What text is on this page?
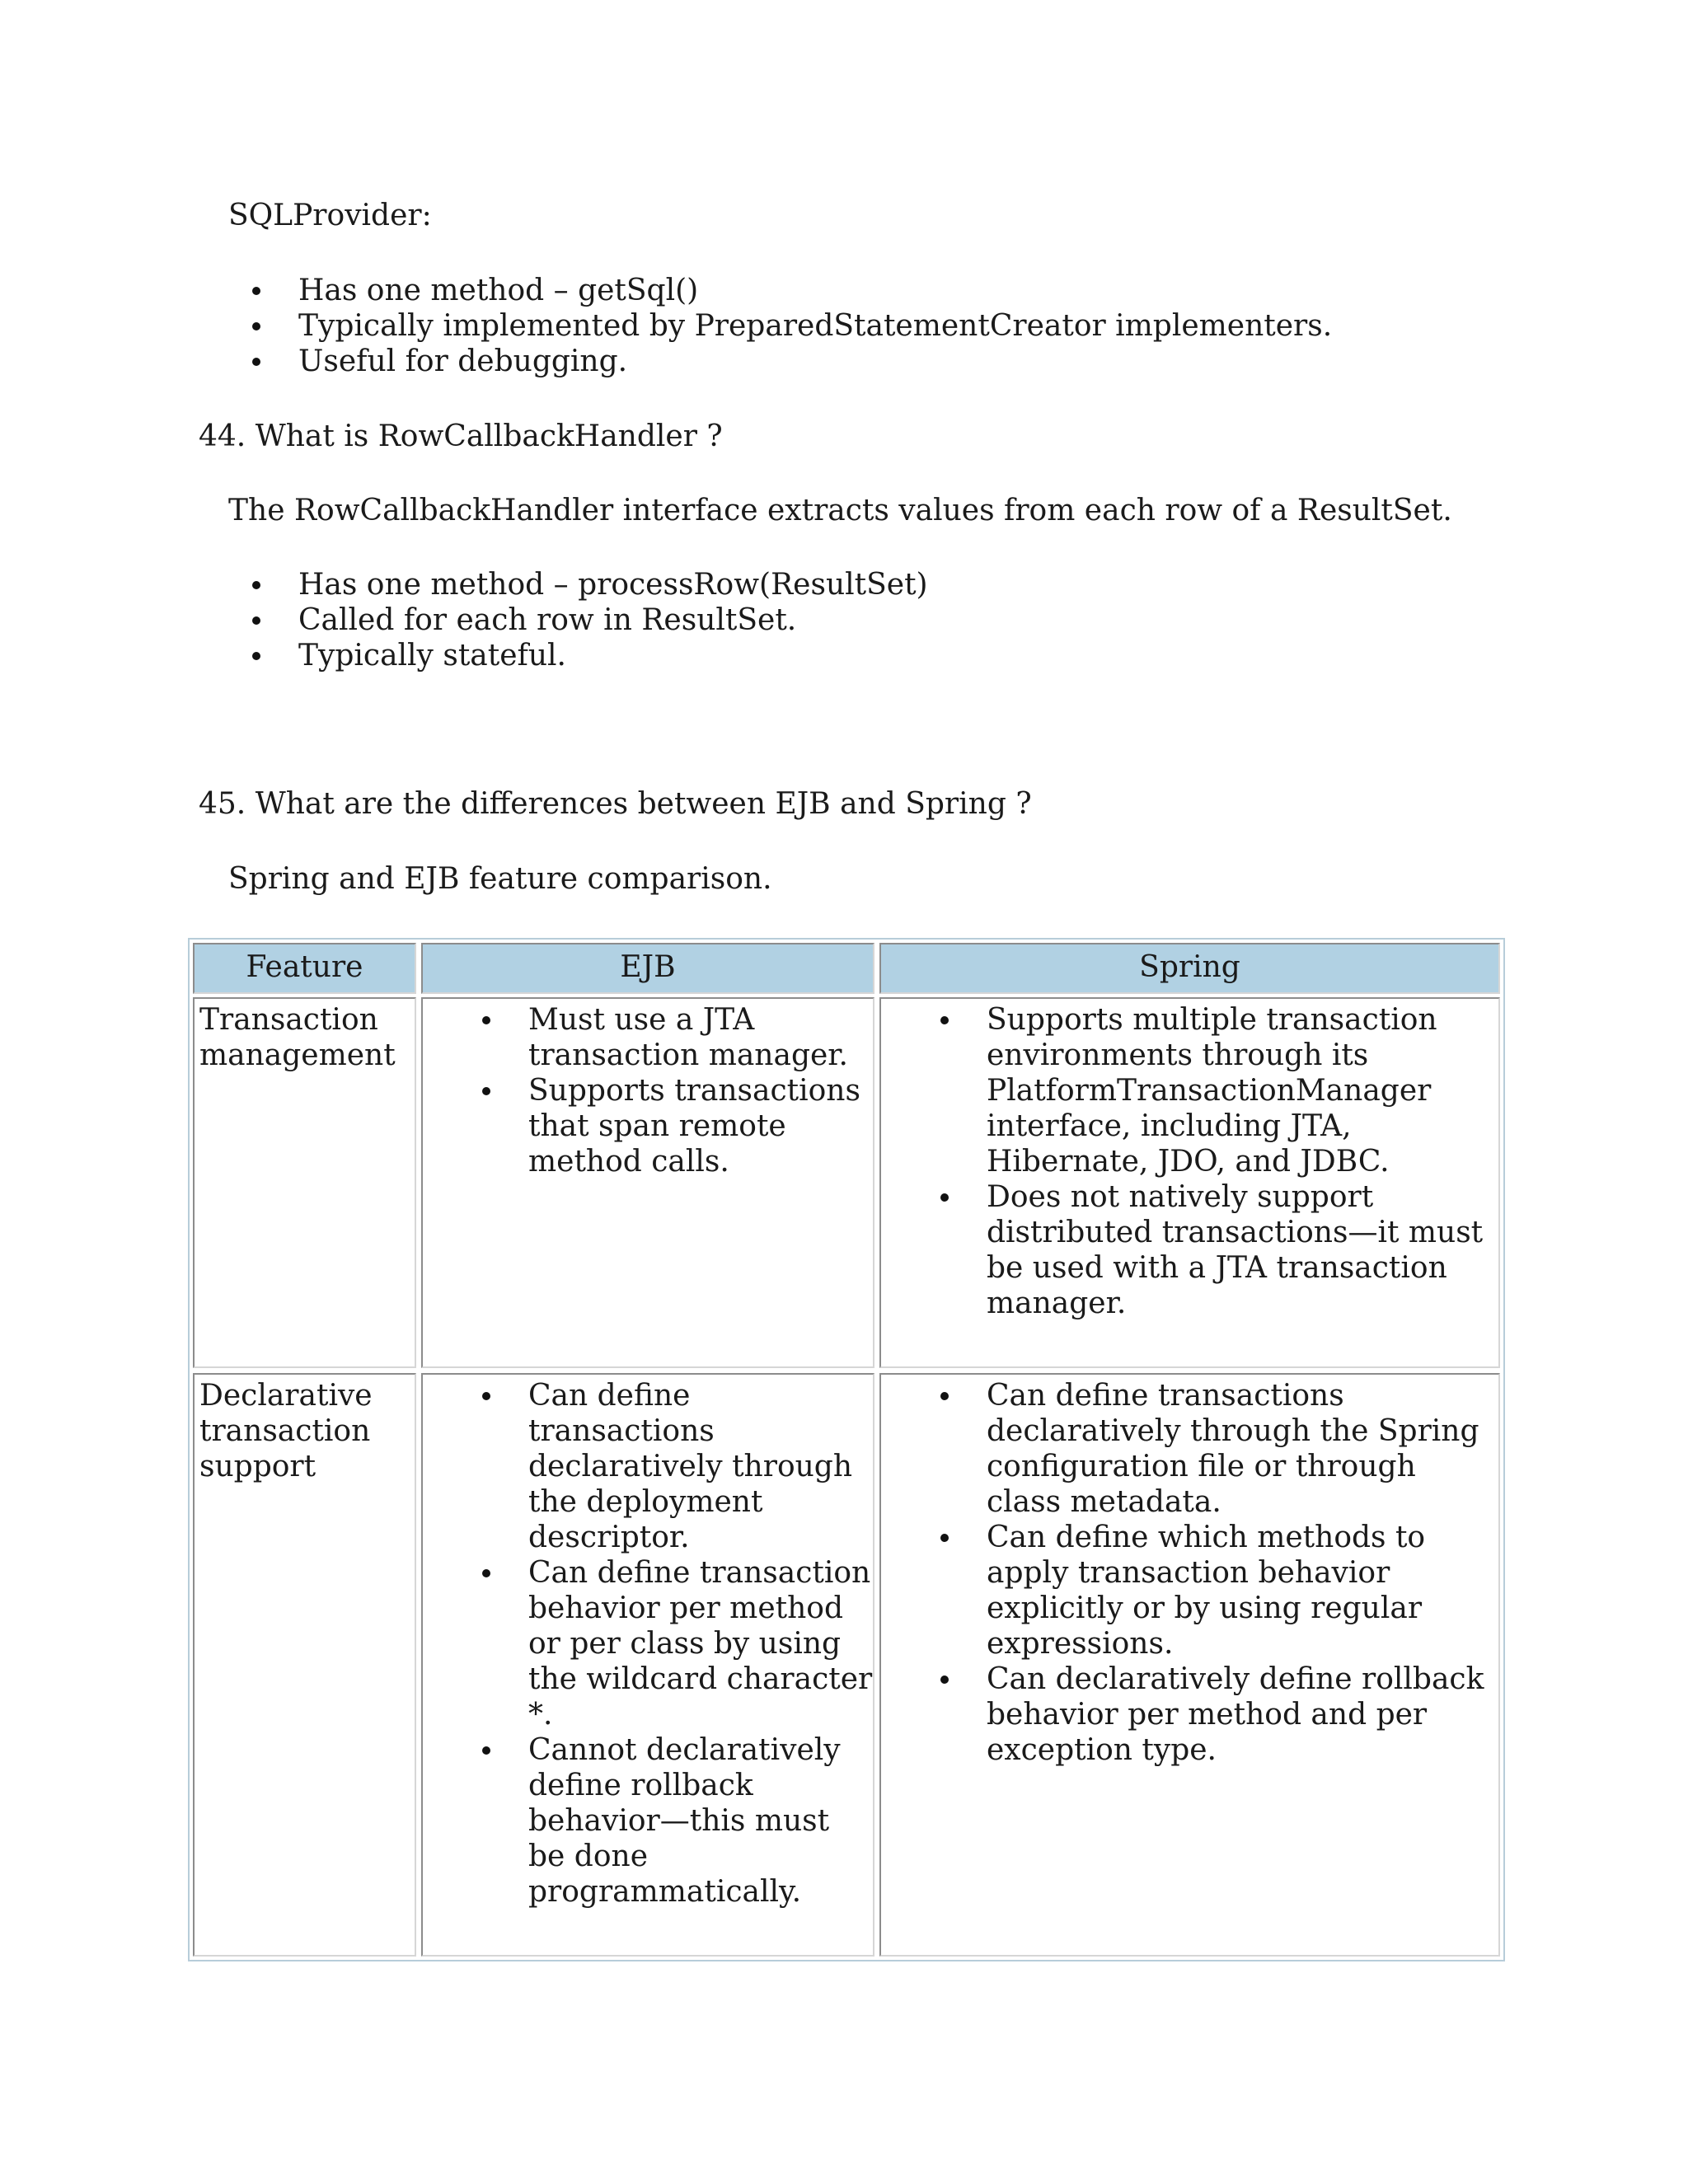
SQLProvider:

Has one method – getSql()
Typically implemented by PreparedStatementCreator implementers.
Useful for debugging.
44. What is RowCallbackHandler ?

The RowCallbackHandler interface extracts values from each row of a ResultSet.

Has one method – processRow(ResultSet)
Called for each row in ResultSet.
Typically stateful.
45. What are the differences between EJB and Spring ?

Spring and EJB feature comparison.

Feature	EJB	Spring
Transaction management
Must use a JTA transaction manager.
Supports transactions that span remote method calls.
Supports multiple transaction environments through its PlatformTransactionManager interface, including JTA, Hibernate, JDO, and JDBC.
Does not natively support distributed transactions—it must be used with a JTA transaction manager.
Declarative transaction support
Can define transactions declaratively through the deployment descriptor.
Can define transaction behavior per method or per class by using the wildcard character *.
Cannot declaratively define rollback behavior—this must be done programmatically.
Can define transactions declaratively through the Spring configuration file or through class metadata.
Can define which methods to apply transaction behavior explicitly or by using regular expressions.
Can declaratively define rollback behavior per method and per exception type.
